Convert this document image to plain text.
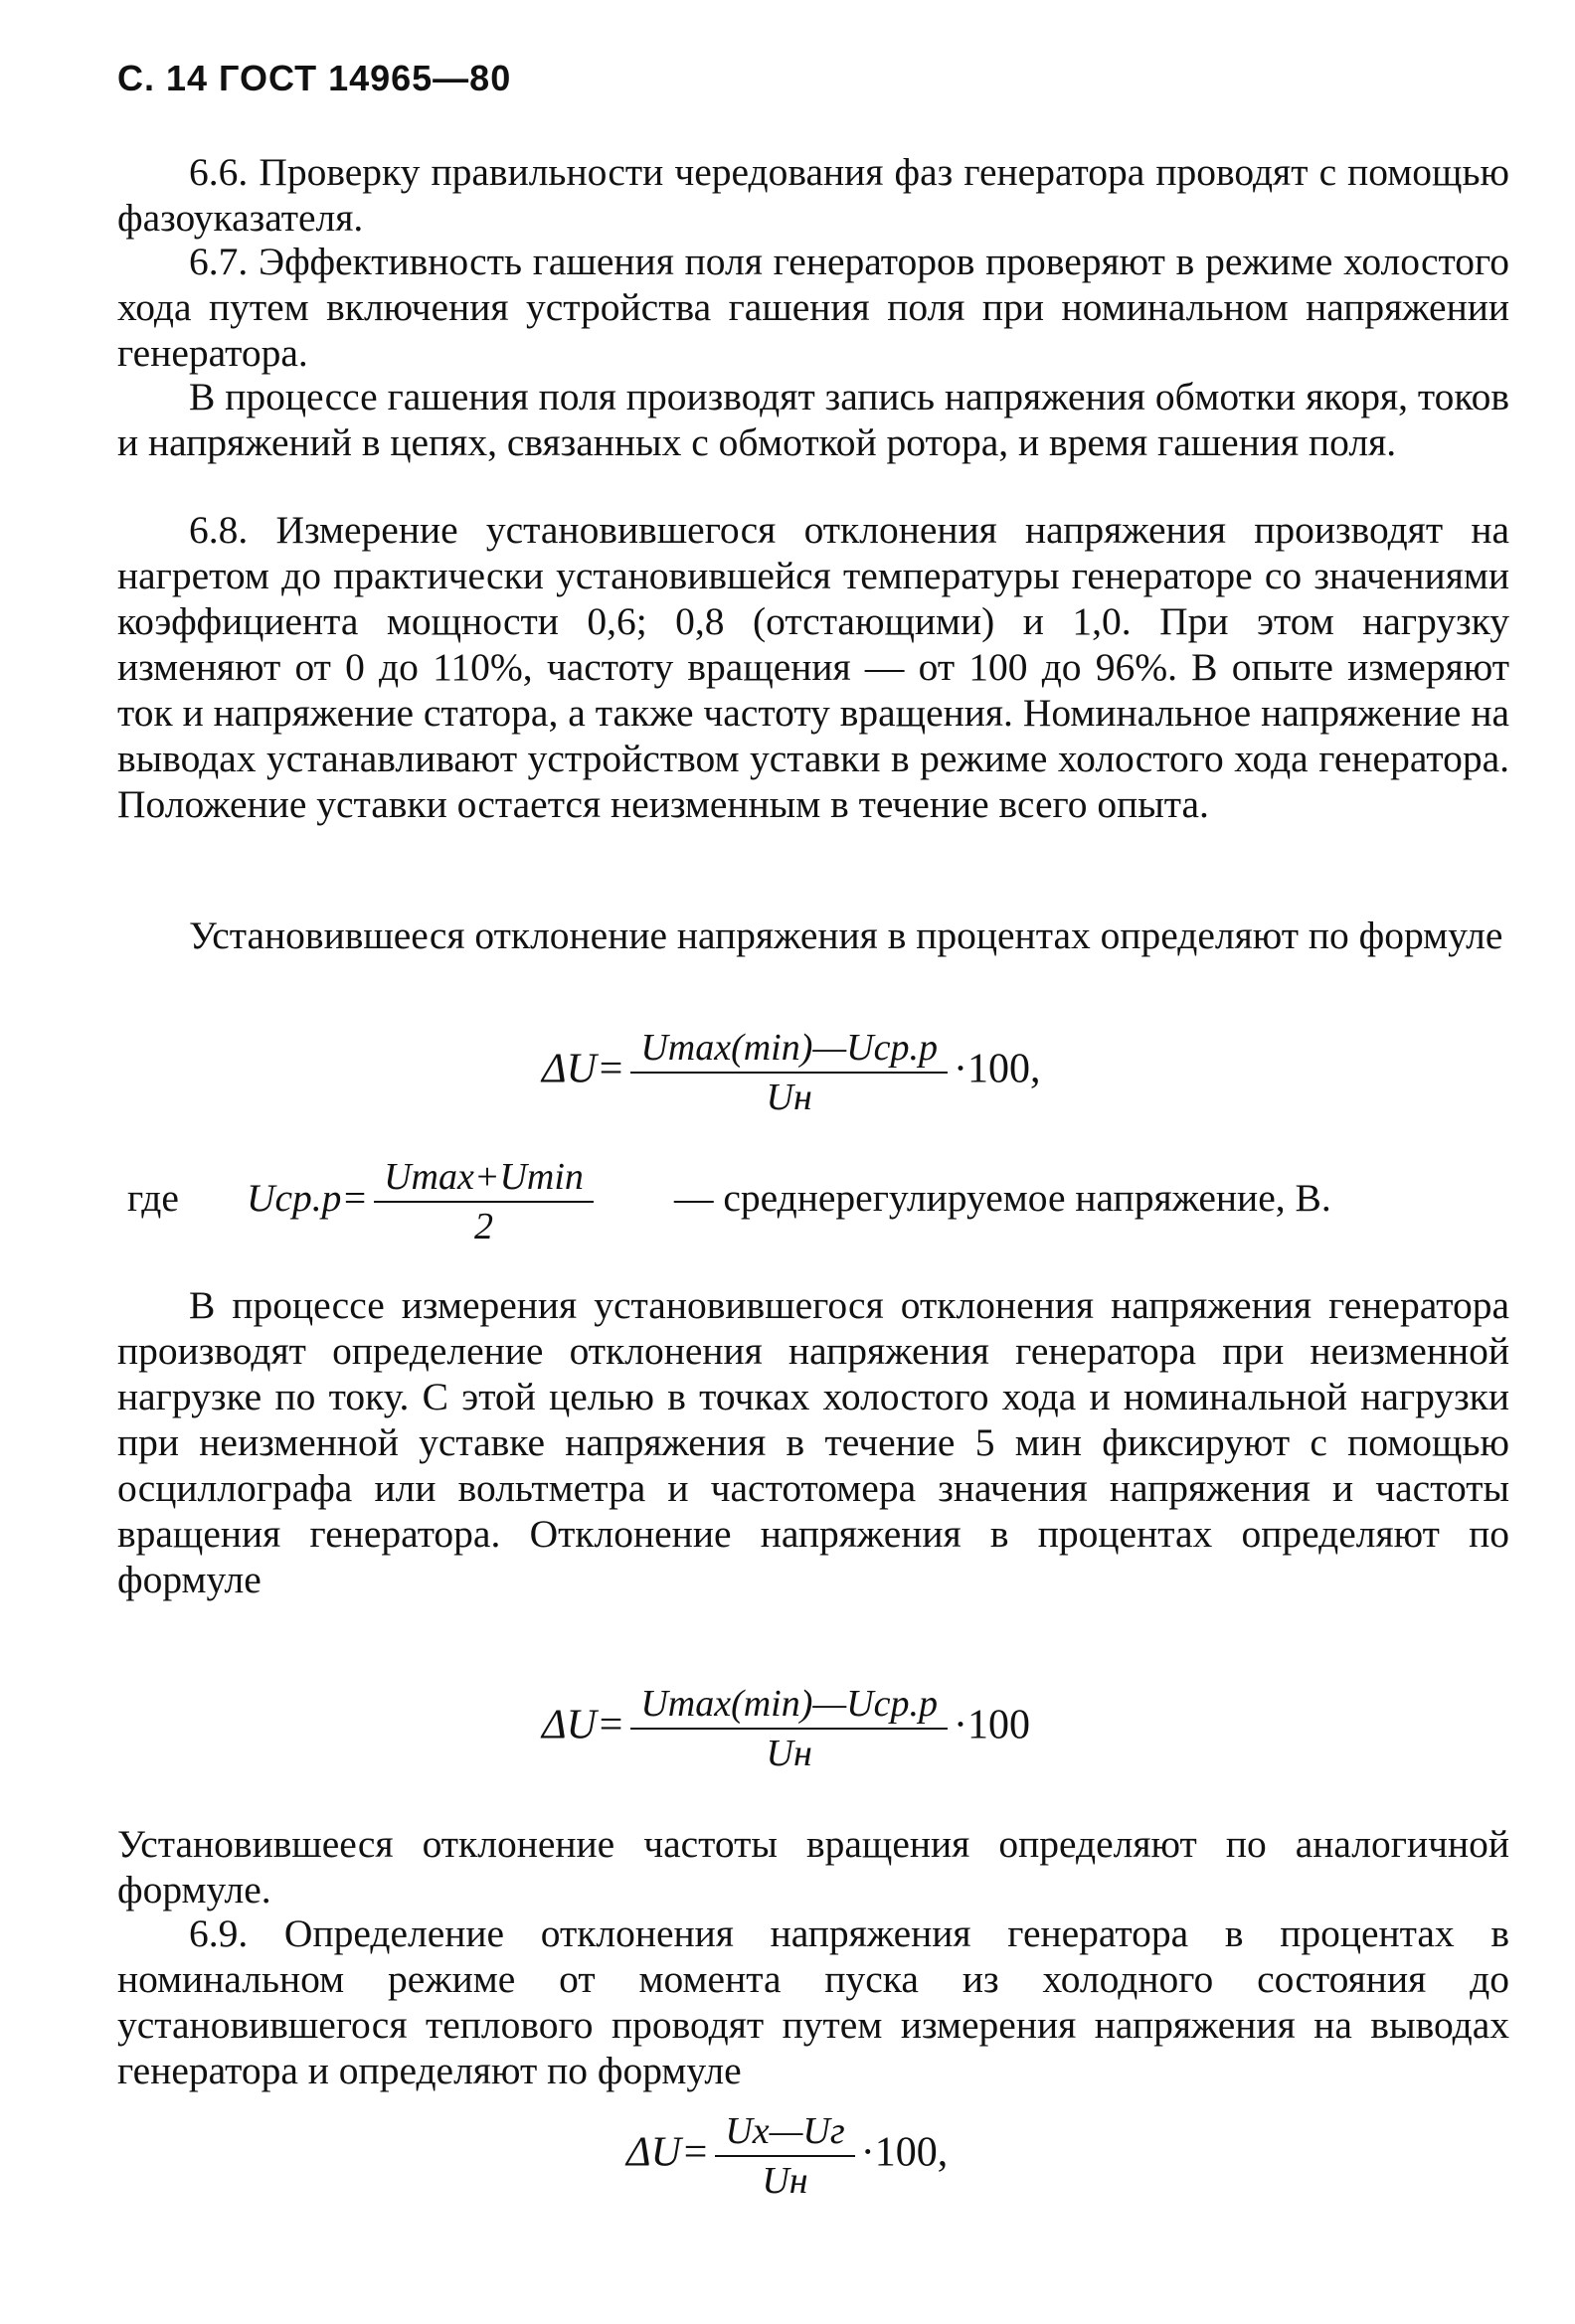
С. 14 ГОСТ 14965—80

6.6. Проверку правильности чередования фаз генератора проводят с помощью фазоуказателя.

6.7. Эффективность гашения поля генераторов проверяют в режиме холостого хода путем включения устройства гашения поля при номинальном напряжении генератора.

В процессе гашения поля производят запись напряжения обмотки якоря, токов и напряжений в цепях, связанных с обмоткой ротора, и время гашения поля.

6.8. Измерение установившегося отклонения напряжения производят на нагретом до практически установившейся температуры генераторе со значениями коэффициента мощности 0,6; 0,8 (отстающими) и 1,0. При этом нагрузку изменяют от 0 до 110%, частоту вращения — от 100 до 96%. В опыте измеряют ток и напряжение статора, а также частоту вращения. Номинальное напряжение на выводах устанавливают устройством уставки в режиме холостого хода генератора. Положение уставки остается неизменным в течение всего опыта.

Установившееся отклонение напряжения в процентах определяют по формуле

$\Delta U= \frac{\text{Umax(min)—Uср.р}}{Uн} \cdot 100$,
где $Uср.р= \frac{Umax+Umin}{2}$ — среднерегулируемое напряжение, В.

В процессе измерения установившегося отклонения напряжения генератора производят определение отклонения напряжения генератора при неизменной нагрузке по току. С этой целью в точках холостого хода и номинальной нагрузки при неизменной уставке напряжения в течение 5 мин фиксируют с помощью осциллографа или вольтметра и частотомера значения напряжения и частоты вращения генератора. Отклонение напряжения в процентах определяют по формуле

$\Delta U= \frac{\text{Umax(min)—Uср.р}}{Uн} \cdot 100$

Установившееся отклонение частоты вращения определяют по аналогичной формуле.

6.9. Определение отклонения напряжения генератора в процентах в номинальном режиме от момента пуска из холодного состояния до установившегося теплового проводят путем измерения напряжения на выводах генератора и определяют по формуле

$\Delta U= \frac{Uх—Uг}{Uн} \cdot 100$,
